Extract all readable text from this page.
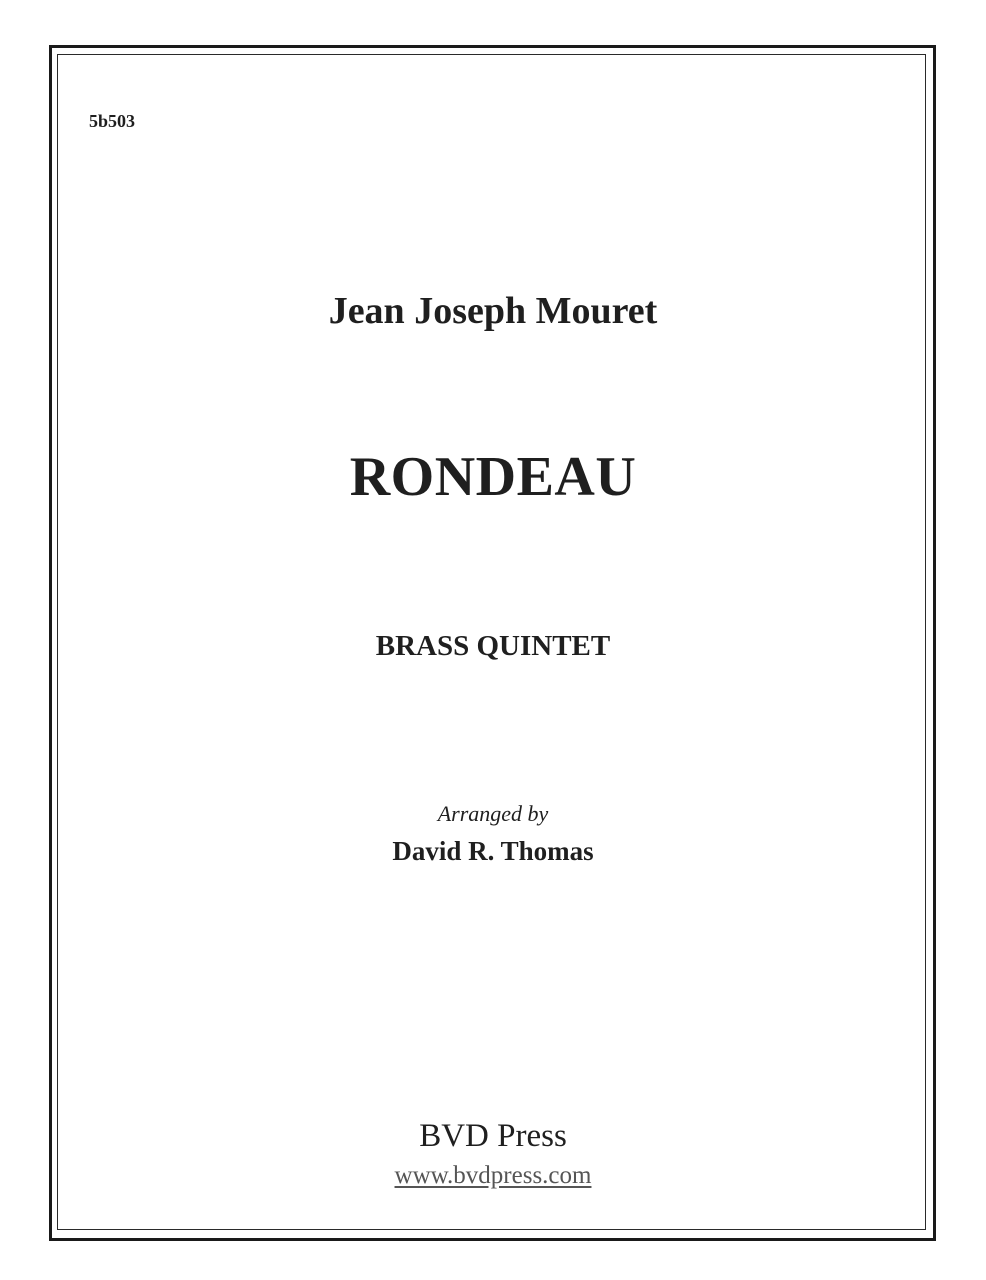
5b503
Jean Joseph Mouret
RONDEAU
BRASS QUINTET
Arranged by
David R. Thomas
BVD Press
www.bvdpress.com
